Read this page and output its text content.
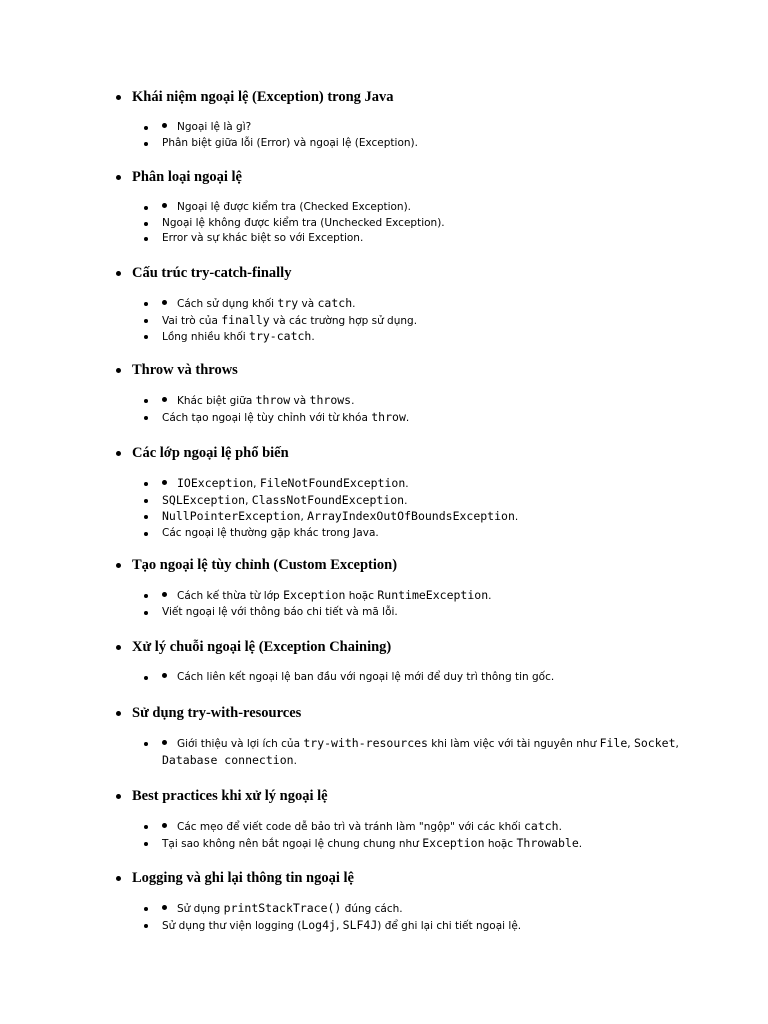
Khái niệm ngoại lệ (Exception) trong Java
Ngoại lệ là gì?
Phân biệt giữa lỗi (Error) và ngoại lệ (Exception).
Phân loại ngoại lệ
Ngoại lệ được kiểm tra (Checked Exception).
Ngoại lệ không được kiểm tra (Unchecked Exception).
Error và sự khác biệt so với Exception.
Cấu trúc try-catch-finally
Cách sử dụng khối try và catch.
Vai trò của finally và các trường hợp sử dụng.
Lồng nhiều khối try-catch.
Throw và throws
Khác biệt giữa throw và throws.
Cách tạo ngoại lệ tùy chỉnh với từ khóa throw.
Các lớp ngoại lệ phổ biến
IOException, FileNotFoundException.
SQLException, ClassNotFoundException.
NullPointerException, ArrayIndexOutOfBoundsException.
Các ngoại lệ thường gặp khác trong Java.
Tạo ngoại lệ tùy chỉnh (Custom Exception)
Cách kế thừa từ lớp Exception hoặc RuntimeException.
Viết ngoại lệ với thông báo chi tiết và mã lỗi.
Xử lý chuỗi ngoại lệ (Exception Chaining)
Cách liên kết ngoại lệ ban đầu với ngoại lệ mới để duy trì thông tin gốc.
Sử dụng try-with-resources
Giới thiệu và lợi ích của try-with-resources khi làm việc với tài nguyên như File, Socket, Database connection.
Best practices khi xử lý ngoại lệ
Các mẹo để viết code dễ bảo trì và tránh làm "ngộp" với các khối catch.
Tại sao không nên bắt ngoại lệ chung chung như Exception hoặc Throwable.
Logging và ghi lại thông tin ngoại lệ
Sử dụng printStackTrace() đúng cách.
Sử dụng thư viện logging (Log4j, SLF4J) để ghi lại chi tiết ngoại lệ.
